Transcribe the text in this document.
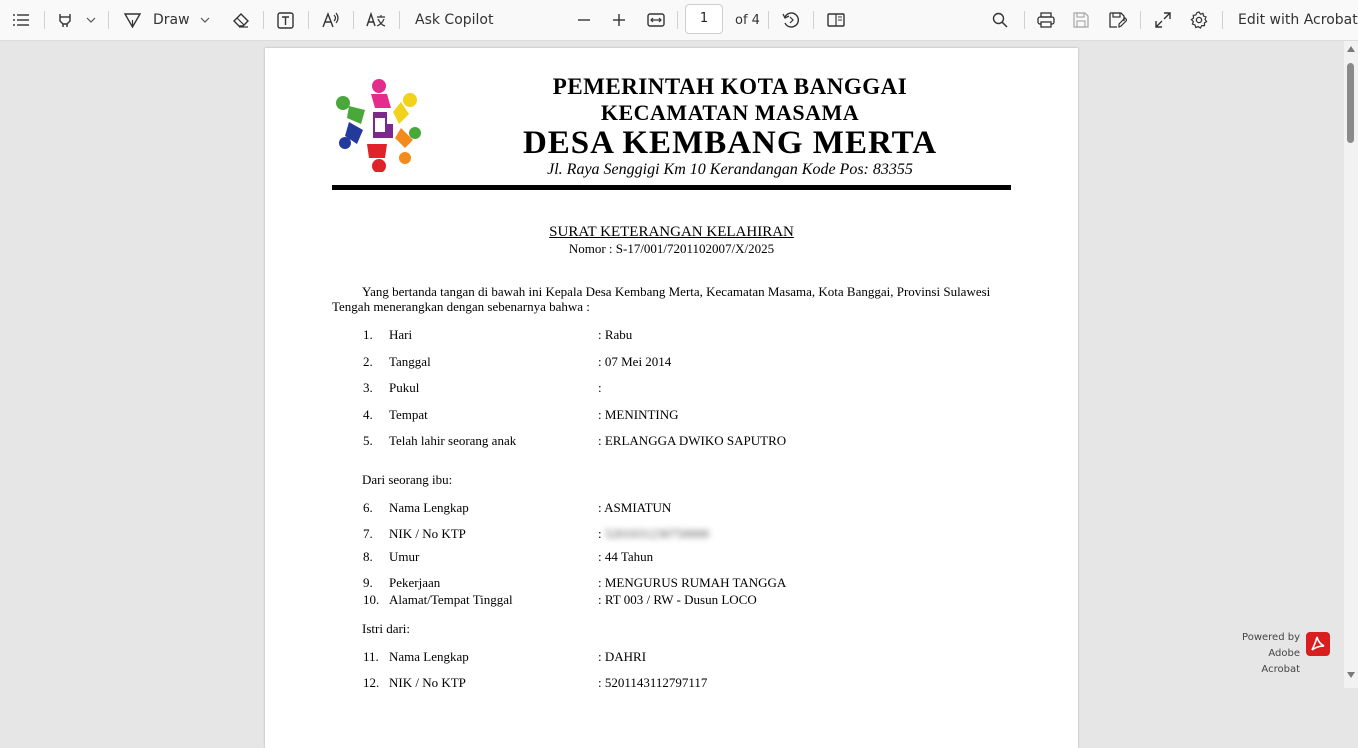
Draw	Ask Copilot	1	of 4	Edit with Acrobat
PEMERINTAH KOTA BANGGAI
KECAMATAN MASAMA
DESA KEMBANG MERTA
Jl. Raya Senggigi Km 10 Kerandangan Kode Pos: 83355
SURAT KETERANGAN KELAHIRAN
Nomor : S-17/001/7201102007/X/2025
Yang bertanda tangan di bawah ini Kepala Desa Kembang Merta, Kecamatan Masama, Kota Banggai, Provinsi Sulawesi
Tengah menerangkan dengan sebenarnya bahwa :
1. Hari	: Rabu
2. Tanggal	: 07 Mei 2014
3. Pukul	:
4. Tempat	: MENINTING
5. Telah lahir seorang anak	: ERLANGGA DWIKO SAPUTRO
Dari seorang ibu:
6. Nama Lengkap	: ASMIATUN
7. NIK / No KTP	: 5201031230750000
8. Umur	: 44 Tahun
9. Pekerjaan	: MENGURUS RUMAH TANGGA
10. Alamat/Tempat Tinggal	: RT 003 / RW - Dusun LOCO
Istri dari:
11. Nama Lengkap	: DAHRI
12. NIK / No KTP	: 5201143112797117
Powered by
Adobe Acrobat
